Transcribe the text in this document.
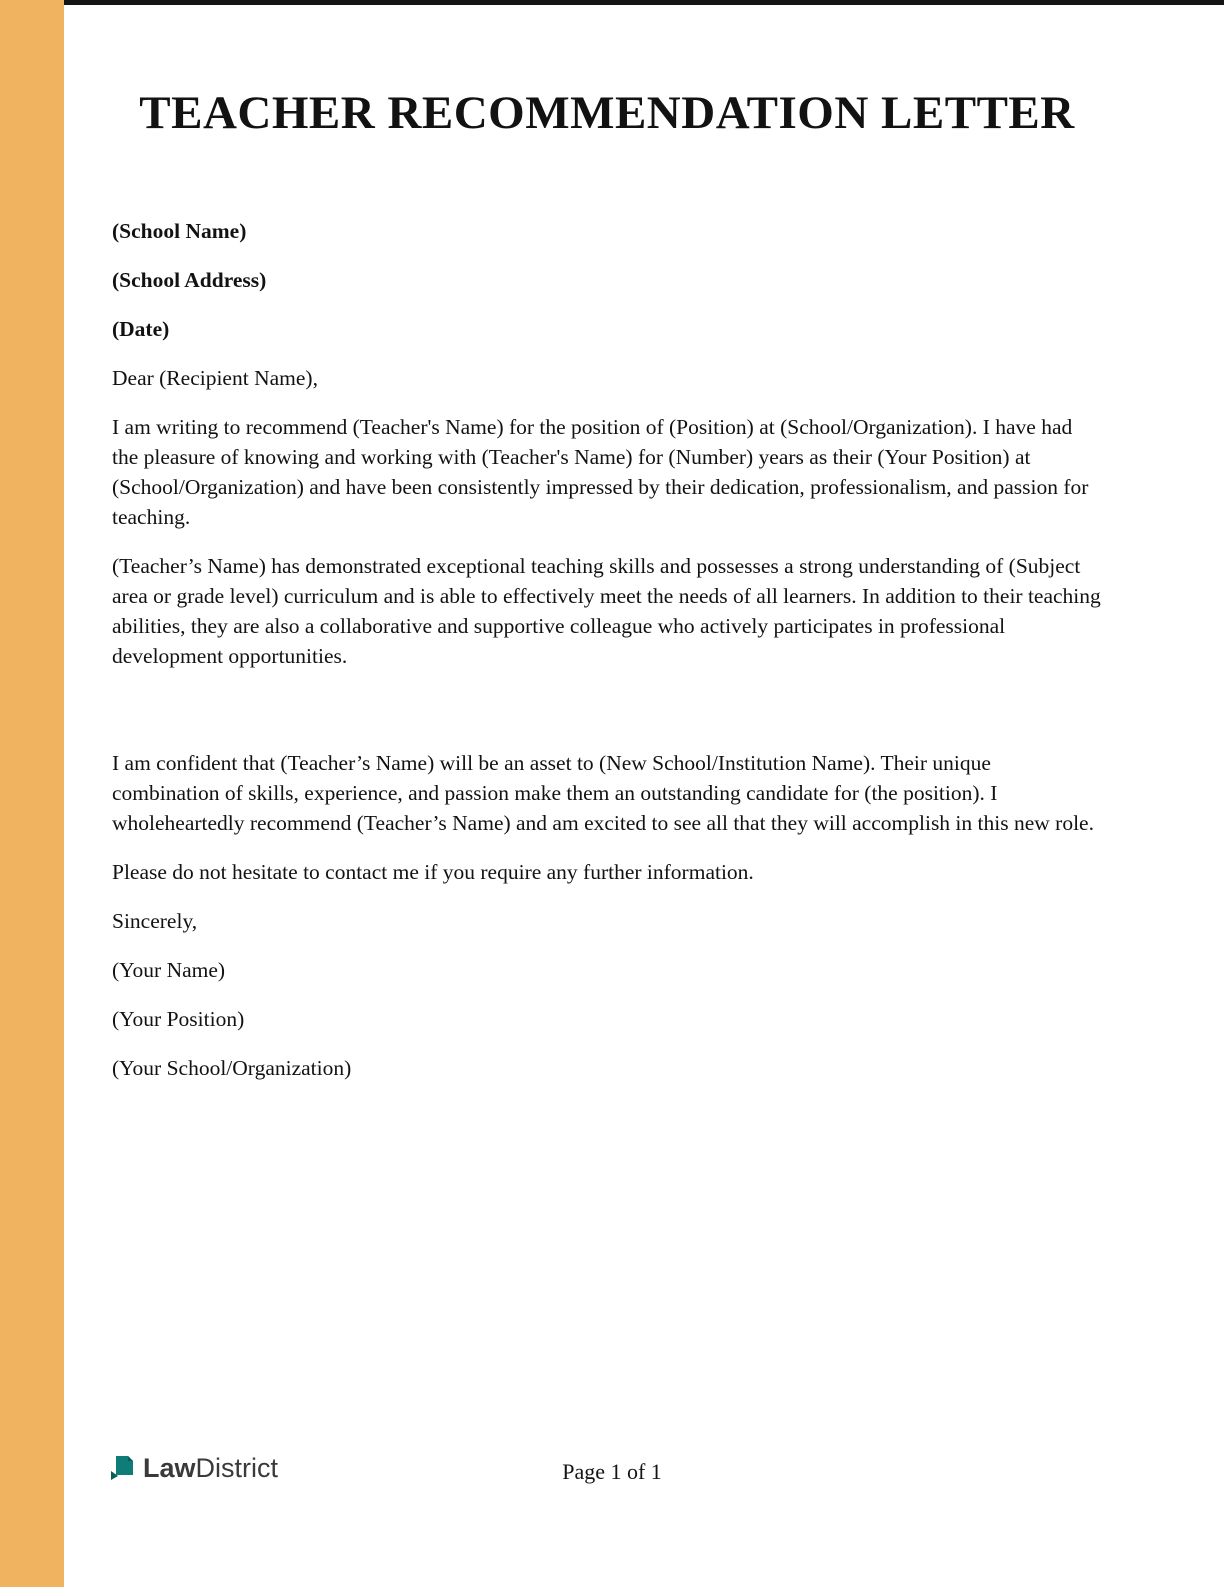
TEACHER RECOMMENDATION LETTER

(School Name)

(School Address)

(Date)

Dear (Recipient Name),

I am writing to recommend (Teacher's Name) for the position of (Position) at (School/Organization). I have had the pleasure of knowing and working with (Teacher's Name) for (Number) years as their (Your Position) at (School/Organization) and have been consistently impressed by their dedication, professionalism, and passion for teaching.

(Teacher’s Name) has demonstrated exceptional teaching skills and possesses a strong understanding of (Subject area or grade level) curriculum and is able to effectively meet the needs of all learners. In addition to their teaching abilities, they are also a collaborative and supportive colleague who actively participates in professional development opportunities.

I am confident that (Teacher’s Name) will be an asset to (New School/Institution Name). Their unique combination of skills, experience, and passion make them an outstanding candidate for (the position). I wholeheartedly recommend (Teacher’s Name) and am excited to see all that they will accomplish in this new role.

Please do not hesitate to contact me if you require any further information.

Sincerely,

(Your Name)

(Your Position)

(Your School/Organization)

LawDistrict	Page 1 of 1
